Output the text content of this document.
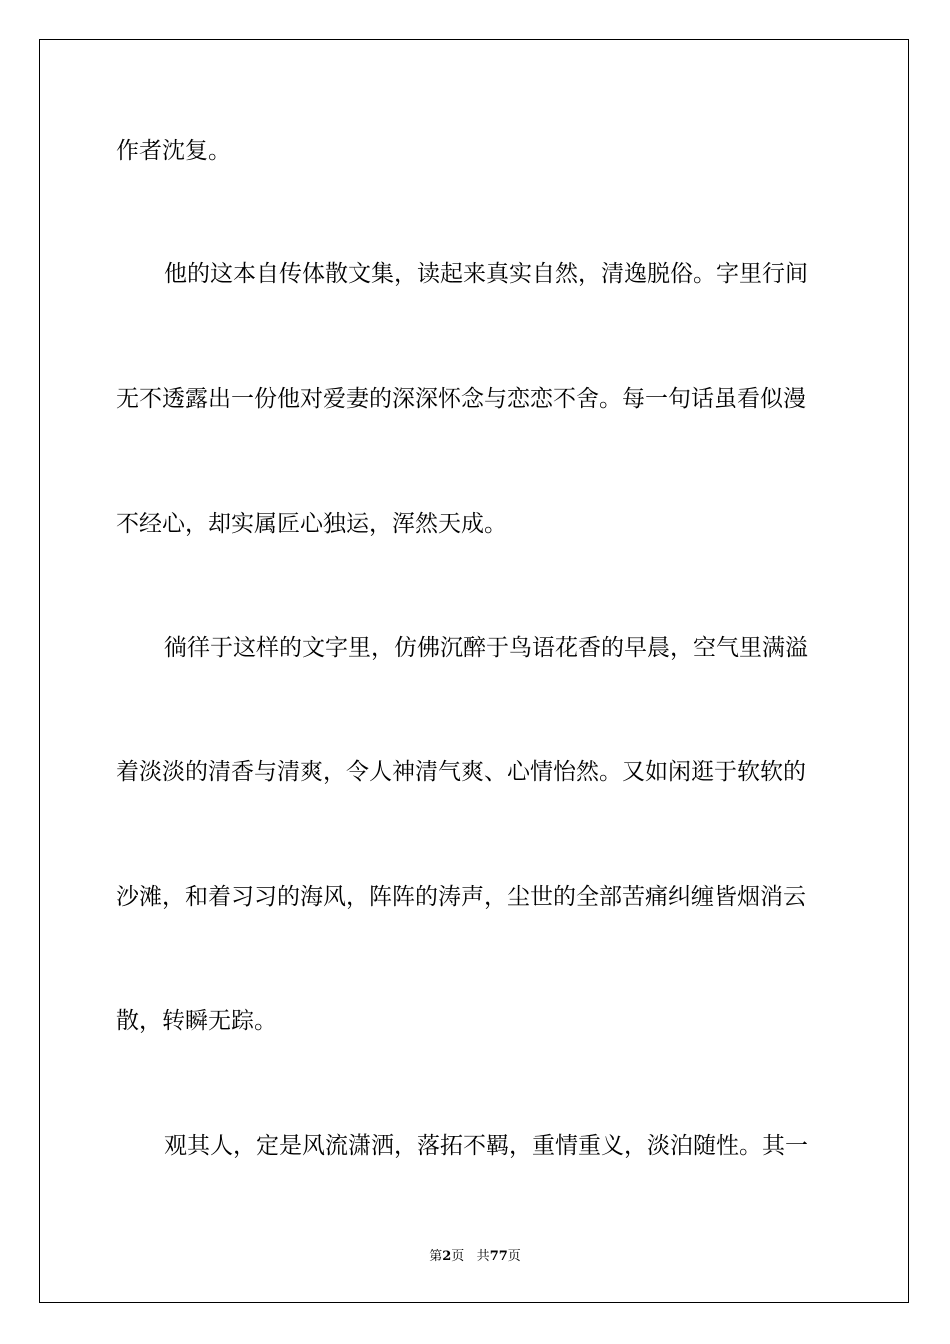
作者沈复。

他的这本自传体散文集，读起来真实自然，清逸脱俗。字里行间

无不透露出一份他对爱妻的深深怀念与恋恋不舍。每一句话虽看似漫

不经心，却实属匠心独运，浑然天成。

徜徉于这样的文字里，仿佛沉醉于鸟语花香的早晨，空气里满溢

着淡淡的清香与清爽，令人神清气爽、心情怡然。又如闲逛于软软的

沙滩，和着习习的海风，阵阵的涛声，尘世的全部苦痛纠缠皆烟消云

散，转瞬无踪。

观其人，定是风流潇洒，落拓不羁，重情重义，淡泊随性。其一

第2页 共77页
